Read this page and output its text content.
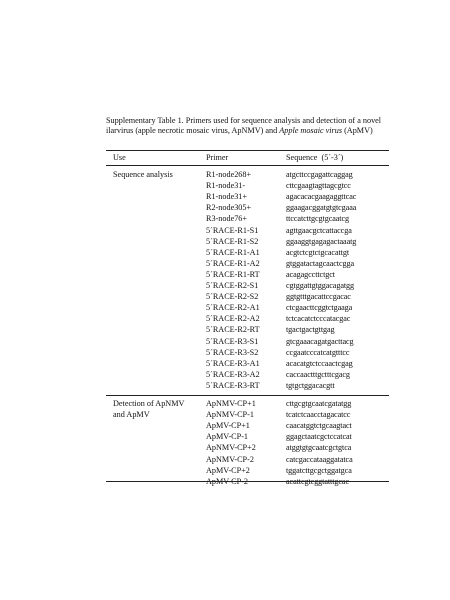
Supplementary Table 1. Primers used for sequence analysis and detection of a novel ilarvirus (apple necrotic mosaic virus, ApNMV) and Apple mosaic virus (ApMV)
Use	Primer	Sequence  (5´-3´)
Sequence analysis	R1-node268+	atgcttccgagattcaggag
R1-node31-	cttcgaagtagttagcgtcc
R1-node31+	agacacacgaagaggttcac
R2-node305+	ggaagacggatgtgtcgaaa
R3-node76+	ttccatcttgcgtgcaatcg
5´RACE-R1-S1	agttgaacgctcattaccga
5´RACE-R1-S2	ggaaggtgagagactaaatg
5´RACE-R1-A1	acgtctcgtctgcacattgt
5´RACE-R1-A2	gtggatactagcaactcgga
5´RACE-R1-RT	acagagccttctgct
5´RACE-R2-S1	cgtggattgtggacagatgg
5´RACE-R2-S2	ggtgtttgacattccgacac
5´RACE-R2-A1	ctcgaacttcggtctgaaga
5´RACE-R2-A2	tctcacatctcccatacgac
5´RACE-R2-RT	tgactgactgttgag
5´RACE-R3-S1	gtcgaaacagatgacttacg
5´RACE-R3-S2	ccgaatcccatcatgtttcc
5´RACE-R3-A1	acacatgtctccaactcgag
5´RACE-R3-A2	caccaactttgctttcgacg
5´RACE-R3-RT	tgtgctggacacgtt
Detection of ApNMV
and ApMV
ApNMV-CP+1	cttgcgtgcaatcgatatgg
ApNMV-CP-1	tcatctcaacctagacatcc
ApMV-CP+1	caacatggtctgcaagtact
ApMV-CP-1	ggagctaatcgctccatcat
ApNMV-CP+2	atggtgtgcaatcgctgtca
ApNMV-CP-2	catcgaccataaggatatca
ApMV-CP+2	tggatcttgcgctggatgca
ApMV-CP-2	acattcgtcggtatttgcac
